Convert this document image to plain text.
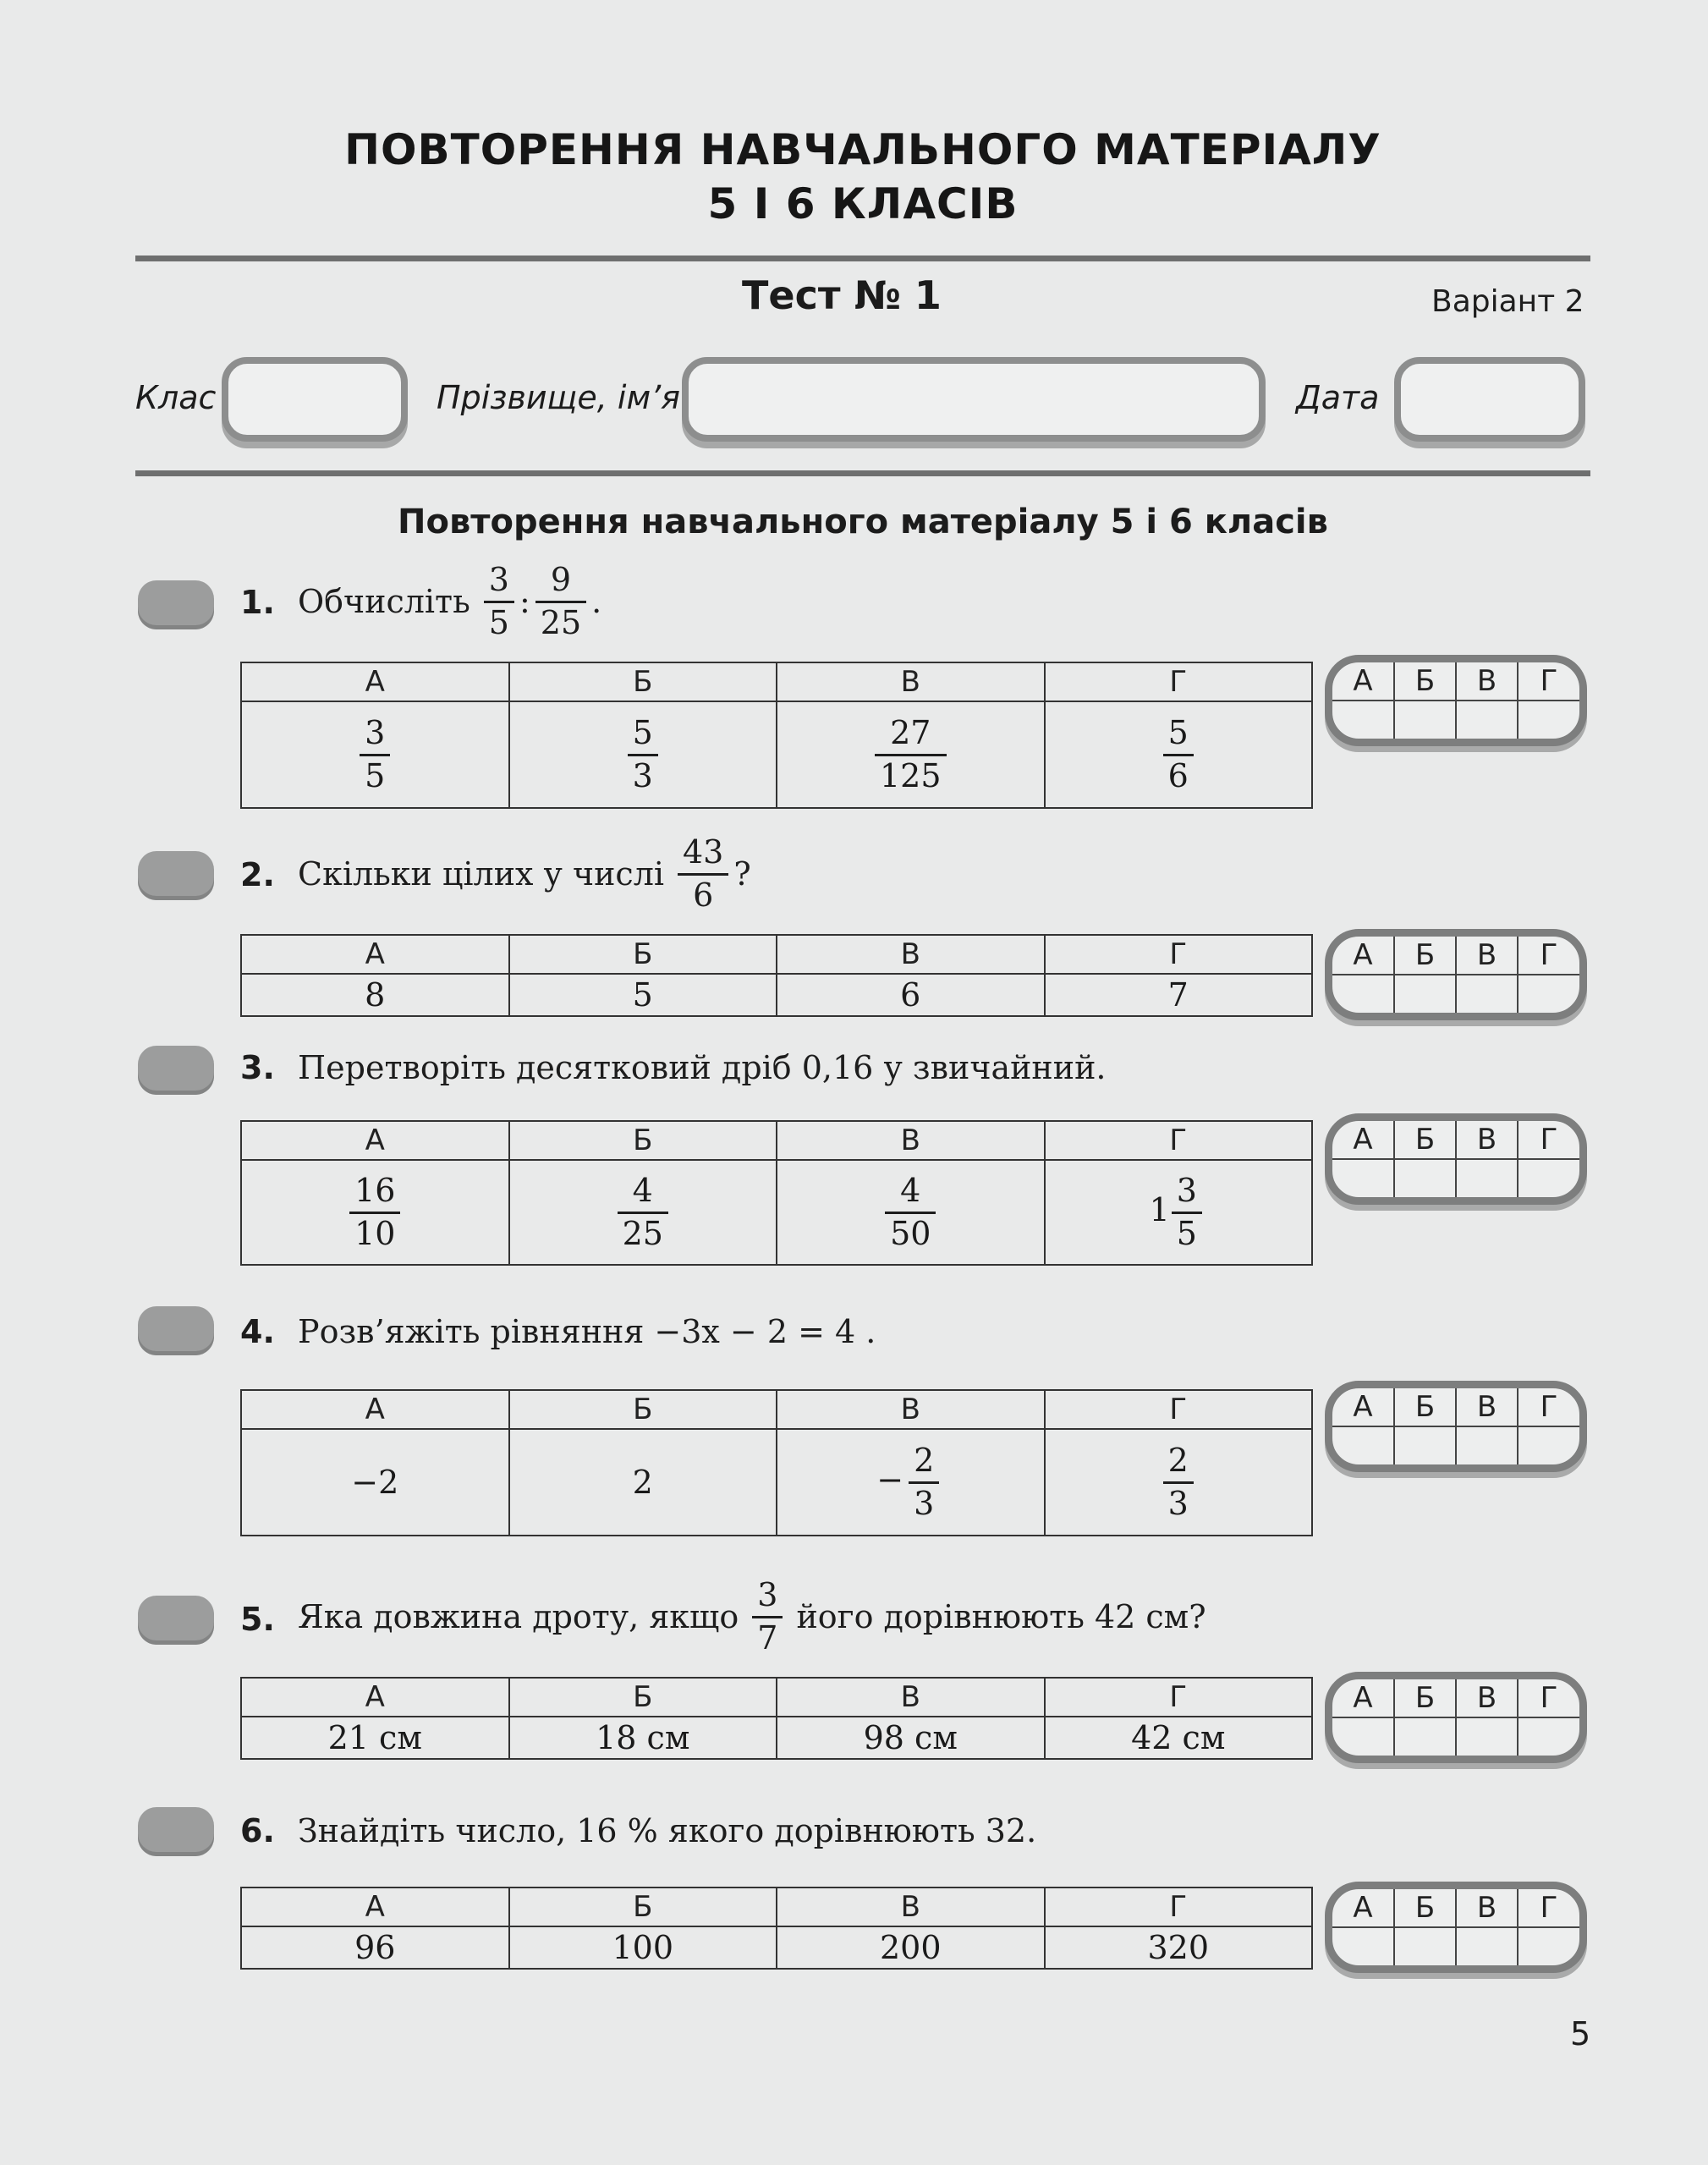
ПОВТОРЕННЯ НАВЧАЛЬНОГО МАТЕРІАЛУ
5 І 6 КЛАСІВ
Тест № 1	Варіант 2
Клас	Прізвище, ім’я	Дата
Повторення навчального матеріалу 5 і 6 класів
1. Обчисліть $\frac{3}{5}$ : $\frac{9}{25}$ .
А	Б	В	Г

$\frac{3}{5}$	$\frac{5}{3}$	$\frac{27}{125}$	$\frac{5}{6}$
А	Б	В	Г

2. Скільки цілих у числі $\frac{43}{6}$ ?
А	Б	В	Г
8	5	6	7
А	Б	В	Г

3. Перетворіть десятковий дріб 0,16 у звичайний.
А	Б	В	Г

$\frac{16}{10}$	$\frac{4}{25}$	$\frac{4}{50}$	$1 \frac{3}{5}$
А	Б	В	Г

4. Розв’яжіть рівняння −3x − 2 = 4 .
А	Б	В	Г
−2	2	− $\frac{2}{3}$	$\frac{2}{3}$
А	Б	В	Г

5. Яка довжина дроту, якщо $\frac{3}{7}$ його дорівнюють 42 см?
А	Б	В	Г
21 см	18 см	98 см	42 см
А	Б	В	Г

6. Знайдіть число, 16 % якого дорівнюють 32.
А	Б	В	Г
96	100	200	320
А	Б	В	Г

5
